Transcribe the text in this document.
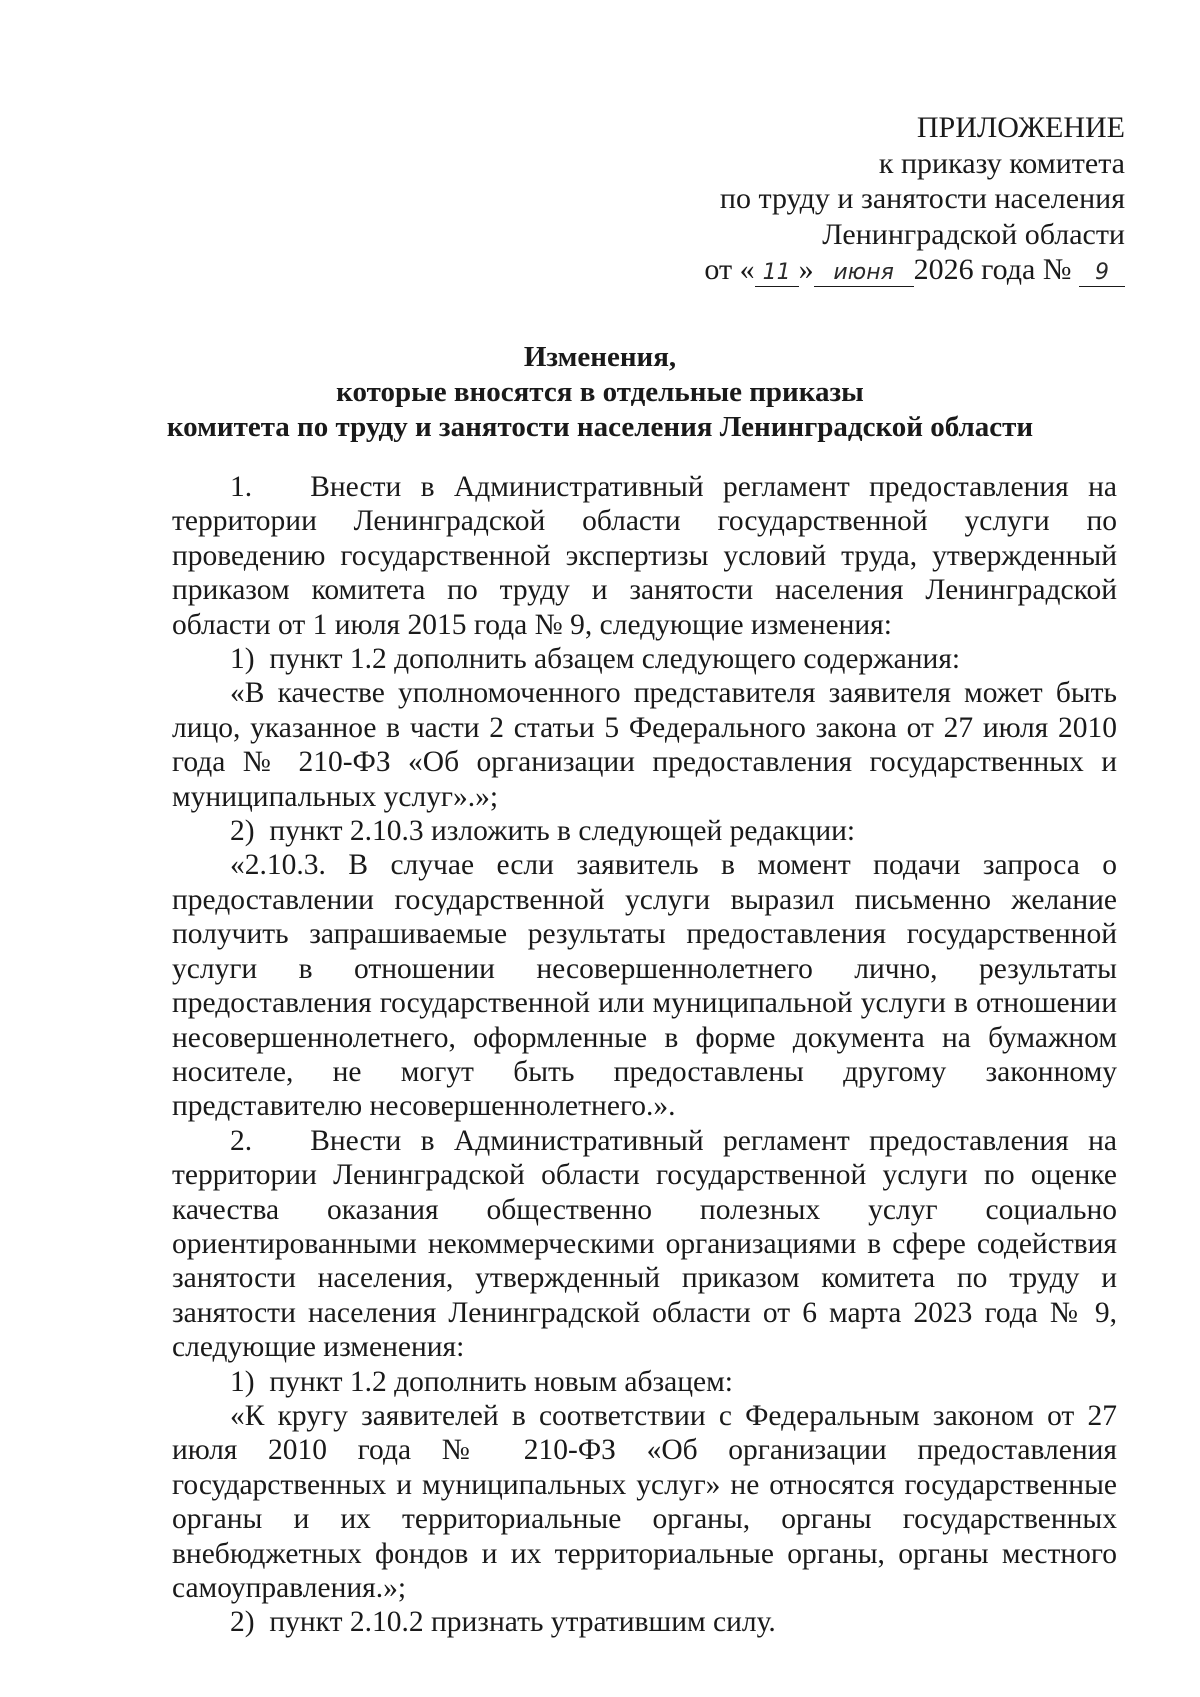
ПРИЛОЖЕНИЕ
к приказу комитета
по труду и занятости населения
Ленинградской области
от « 11 » июня 2026 года № 9
Изменения,
которые вносятся в отдельные приказы
комитета по труду и занятости населения Ленинградской области

1.   Внести в Административный регламент предоставления на территории Ленинградской области государственной услуги по проведению государственной экспертизы условий труда, утвержденный приказом комитета по труду и занятости населения Ленинградской области от 1 июля 2015 года № 9, следующие изменения:

1)  пункт 1.2 дополнить абзацем следующего содержания:

«В качестве уполномоченного представителя заявителя может быть лицо, указанное в части 2 статьи 5 Федерального закона от 27 июля 2010 года № 210-ФЗ «Об организации предоставления государственных и муниципальных услуг».»;

2)  пункт 2.10.3 изложить в следующей редакции:

«2.10.3. В случае если заявитель в момент подачи запроса о предоставлении государственной услуги выразил письменно желание получить запрашиваемые результаты предоставления государственной услуги в отношении несовершеннолетнего лично, результаты предоставления государственной или муниципальной услуги в отношении несовершеннолетнего, оформленные в форме документа на бумажном носителе, не могут быть предоставлены другому законному представителю несовершеннолетнего.».

2.   Внести в Административный регламент предоставления на территории Ленинградской области государственной услуги по оценке качества оказания общественно полезных услуг социально ориентированными некоммерческими организациями в сфере содействия занятости населения, утвержденный приказом комитета по труду и занятости населения Ленинградской области от 6 марта 2023 года № 9, следующие изменения:

1)  пункт 1.2 дополнить новым абзацем:

«К кругу заявителей в соответствии с Федеральным законом от 27 июля 2010 года № 210-ФЗ «Об организации предоставления государственных и муниципальных услуг» не относятся государственные органы и их территориальные органы, органы государственных внебюджетных фондов и их территориальные органы, органы местного самоуправления.»;

2)  пункт 2.10.2 признать утратившим силу.
